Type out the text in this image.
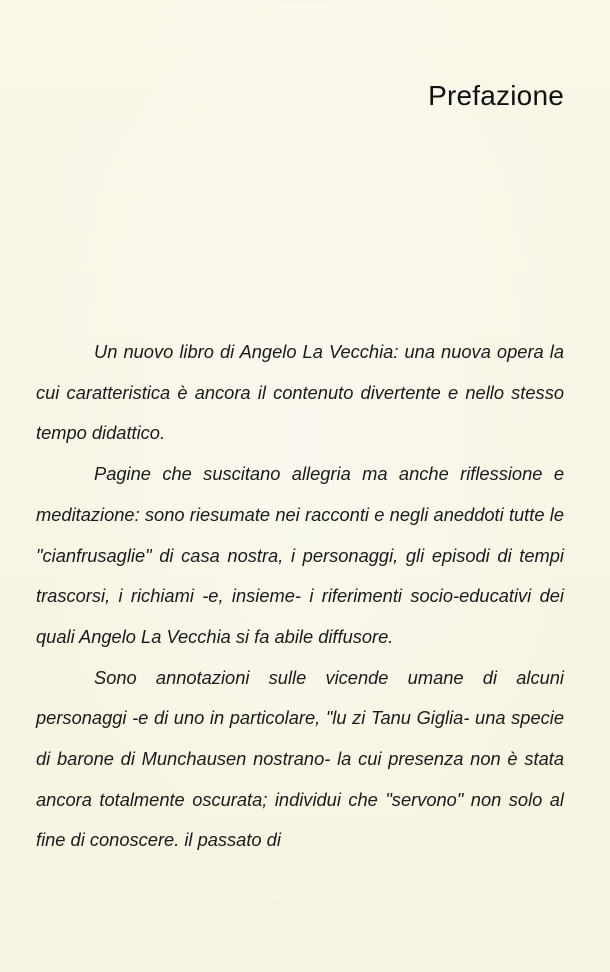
Prefazione

Un nuovo libro di Angelo La Vecchia: una nuova opera la cui caratteristica è ancora il contenuto divertente e nello stesso tempo didattico.

Pagine che suscitano allegria ma anche riflessione e meditazione: sono riesumate nei racconti e negli aneddoti tutte le "cianfrusaglie" di casa nostra, i personaggi, gli episodi di tempi trascorsi, i richiami -e, insieme- i riferimenti socio-educativi dei quali Angelo La Vecchia si fa abile diffusore.

Sono annotazioni sulle vicende umane di alcuni personaggi -e di uno in particolare, "lu zi Tanu Giglia- una specie di barone di Munchausen nostrano- la cui presenza non è stata ancora totalmente oscurata; individui che "servono" non solo al fine di conoscere. il passato di
